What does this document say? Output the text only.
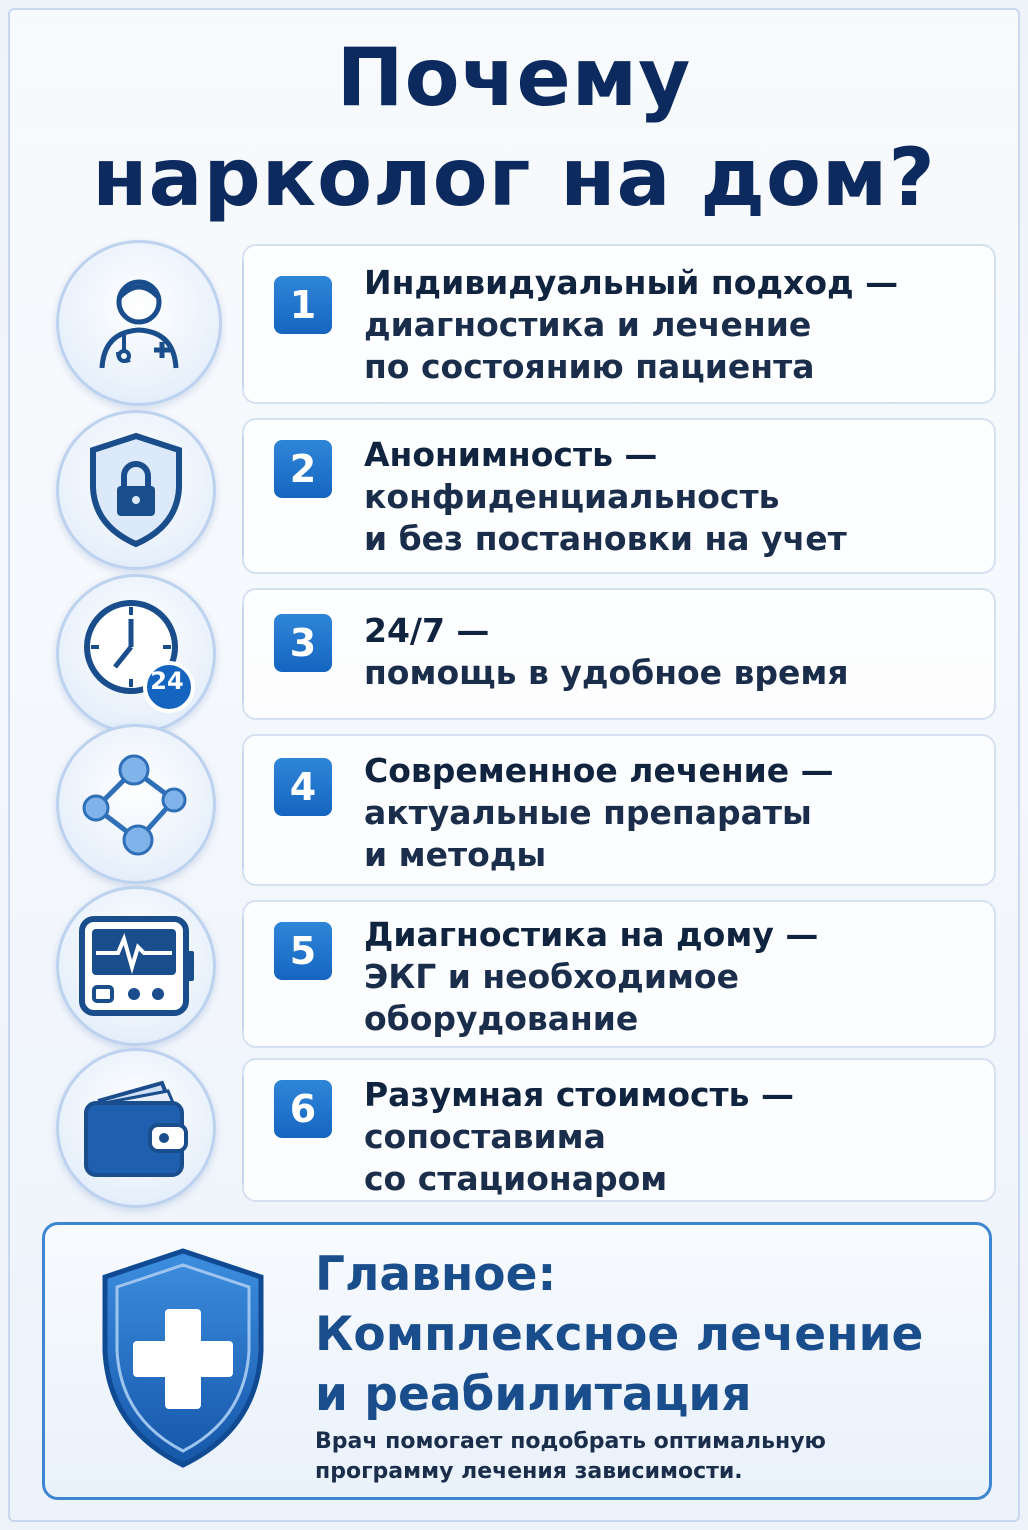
Почему
нарколог на дом?
1
Индивидуальный подход —
диагностика и лечение
по состоянию пациента
2	Анонимность —
конфиденциальность
и без постановки на учет
24
3	24/7 —
помощь в удобное время
4	Современное лечение —
актуальные препараты
и методы
5	Диагностика на дому —
ЭКГ и необходимое
оборудование
6	Разумная стоимость —
сопоставима
со стационаром
Главное:
Комплексное лечение
и реабилитация
Врач помогает подобрать оптимальную
программу лечения зависимости.
